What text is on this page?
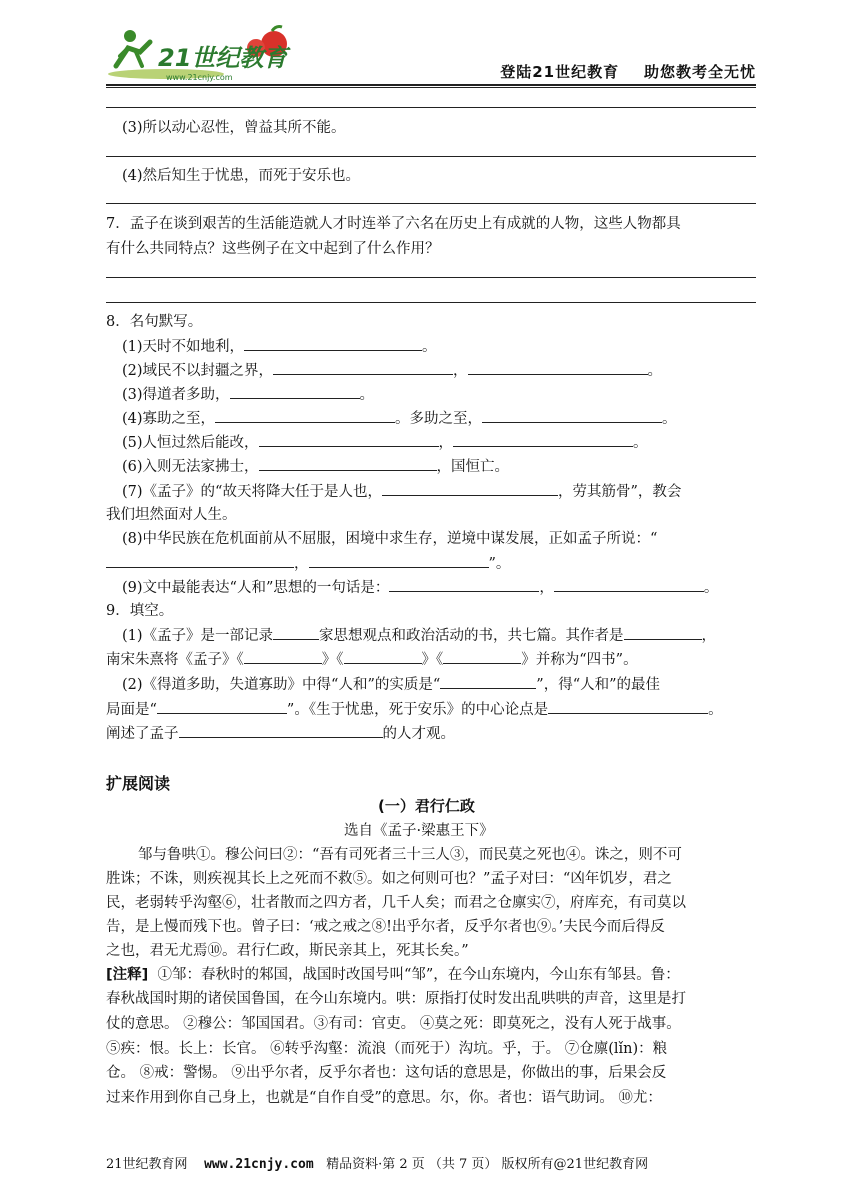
21世纪教育
www.21cnjy.com	登陆21世纪教育    助您教考全无忧
(3)所以动心忍性，曾益其所不能。
(4)然后知生于忧患，而死于安乐也。
7．孟子在谈到艰苦的生活能造就人才时连举了六名在历史上有成就的人物，这些人物都具
有什么共同特点？这些例子在文中起到了什么作用？
8．名句默写。
(1)天时不如地利，	。
(2)域民不以封疆之界，	，	。
(3)得道者多助，	。
(4)寡助之至，	。多助之至，	。
(5)人恒过然后能改，	，	。
(6)入则无法家拂士，	，国恒亡。
(7)《孟子》的“故天将降大任于是人也，	，劳其筋骨”，教会
我们坦然面对人生。
(8)中华民族在危机面前从不屈服，困境中求生存，逆境中谋发展，正如孟子所说：“
，	”。
(9)文中最能表达“人和”思想的一句话是：	，	。
9．填空。
(1)《孟子》是一部记录	家思想观点和政治活动的书，共七篇。其作者是	，
南宋朱熹将《孟子》《	》《	》《	》并称为“四书”。
(2)《得道多助，失道寡助》中得“人和”的实质是“	”，得“人和”的最佳
局面是“	”。《生于忧患，死于安乐》的中心论点是	。
阐述了孟子	的人才观。
扩展阅读
(一）君行仁政
选自《孟子·梁惠王下》
邹与鲁哄①。穆公问曰②：“吾有司死者三十三人③，而民莫之死也④。诛之，则不可
胜诛；不诛，则疾视其长上之死而不救⑤。如之何则可也？”孟子对曰：“凶年饥岁，君之
民，老弱转乎沟壑⑥，壮者散而之四方者，几千人矣；而君之仓廪实⑦，府库充，有司莫以
告，是上慢而残下也。曾子曰：‘戒之戒之⑧!出乎尔者，反乎尔者也⑨。’夫民今而后得反
之也，君无尤焉⑩。君行仁政，斯民亲其上，死其长矣。”
[注释] ①邹：春秋时的邾国，战国时改国号叫“邹”，在今山东境内，今山东有邹县。鲁：
春秋战国时期的诸侯国鲁国，在今山东境内。哄：原指打仗时发出乱哄哄的声音，这里是打
仗的意思。 ②穆公：邹国国君。③有司：官吏。 ④莫之死：即莫死之，没有人死于战事。
⑤疾：恨。长上：长官。 ⑥转乎沟壑：流浪（而死于）沟坑。乎，于。 ⑦仓廪(lǐn)：粮
仓。 ⑧戒：警惕。 ⑨出乎尔者，反乎尔者也：这句话的意思是，你做出的事，后果会反
过来作用到你自己身上，也就是“自作自受”的意思。尔，你。者也：语气助词。 ⑩尤：
21世纪教育网 www.21cnjy.com 精品资料·第 2 页 （共 7 页） 版权所有@21世纪教育网
